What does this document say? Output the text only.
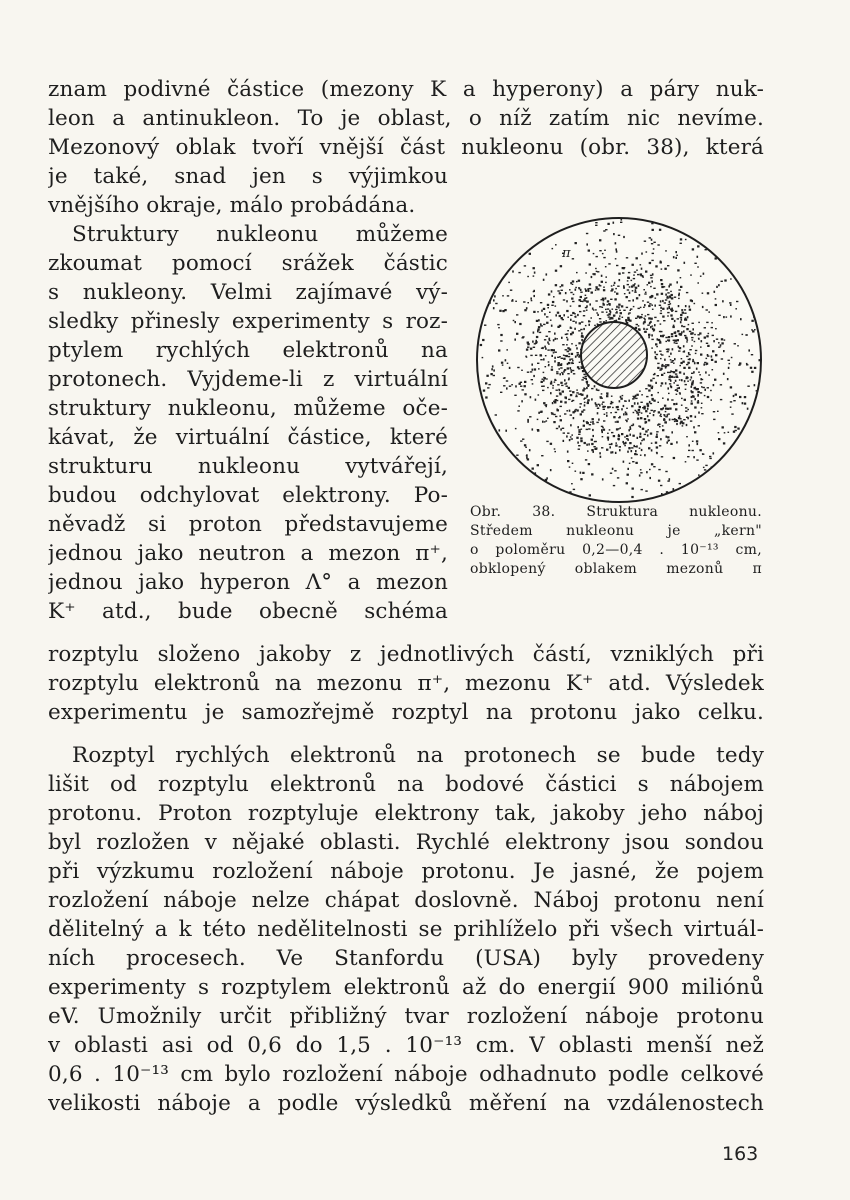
znam podivné částice (mezony K a hyperony) a páry nuk-
leon a antinukleon. To je oblast, o níž zatím nic nevíme.
Mezonový oblak tvoří vnější část nukleonu (obr. 38), která
je také, snad jen s výjimkou
vnějšího okraje, málo probádána.
Struktury nukleonu můžeme
zkoumat pomocí srážek částic
s nukleony. Velmi zajímavé vý-
sledky přinesly experimenty s roz-
ptylem rychlých elektronů na
protonech. Vyjdeme-li z virtuální
struktury nukleonu, můžeme oče-
kávat, že virtuální částice, které
strukturu nukleonu vytvářejí,
budou odchylovat elektrony. Po-
něvadž si proton představujeme
jednou jako neutron a mezon π⁺,
jednou jako hyperon Λ° a mezon
K⁺ atd., bude obecně schéma
rozptylu složeno jakoby z jednotlivých částí, vzniklých při
rozptylu elektronů na mezonu π⁺, mezonu K⁺ atd. Výsledek
experimentu je samozřejmě rozptyl na protonu jako celku.
Rozptyl rychlých elektronů na protonech se bude tedy
lišit od rozptylu elektronů na bodové částici s nábojem
protonu. Proton rozptyluje elektrony tak, jakoby jeho náboj
byl rozložen v nějaké oblasti. Rychlé elektrony jsou sondou
při výzkumu rozložení náboje protonu. Je jasné, že pojem
rozložení náboje nelze chápat doslovně. Náboj protonu není
dělitelný a k této nedělitelnosti se prihlíželo při všech virtuál-
ních procesech. Ve Stanfordu (USA) byly provedeny
experimenty s rozptylem elektronů až do energií 900 miliónů
eV. Umožnily určit přibližný tvar rozložení náboje protonu
v oblasti asi od 0,6 do 1,5 . 10⁻¹³ cm. V oblasti menší než
0,6 . 10⁻¹³ cm bylo rozložení náboje odhadnuto podle celkové
velikosti náboje a podle výsledků měření na vzdálenostech
π
Obr. 38. Struktura nukleonu.
Středem nukleonu je „kern"
o poloměru 0,2—0,4 . 10⁻¹³ cm,
obklopený oblakem mezonů π
163
